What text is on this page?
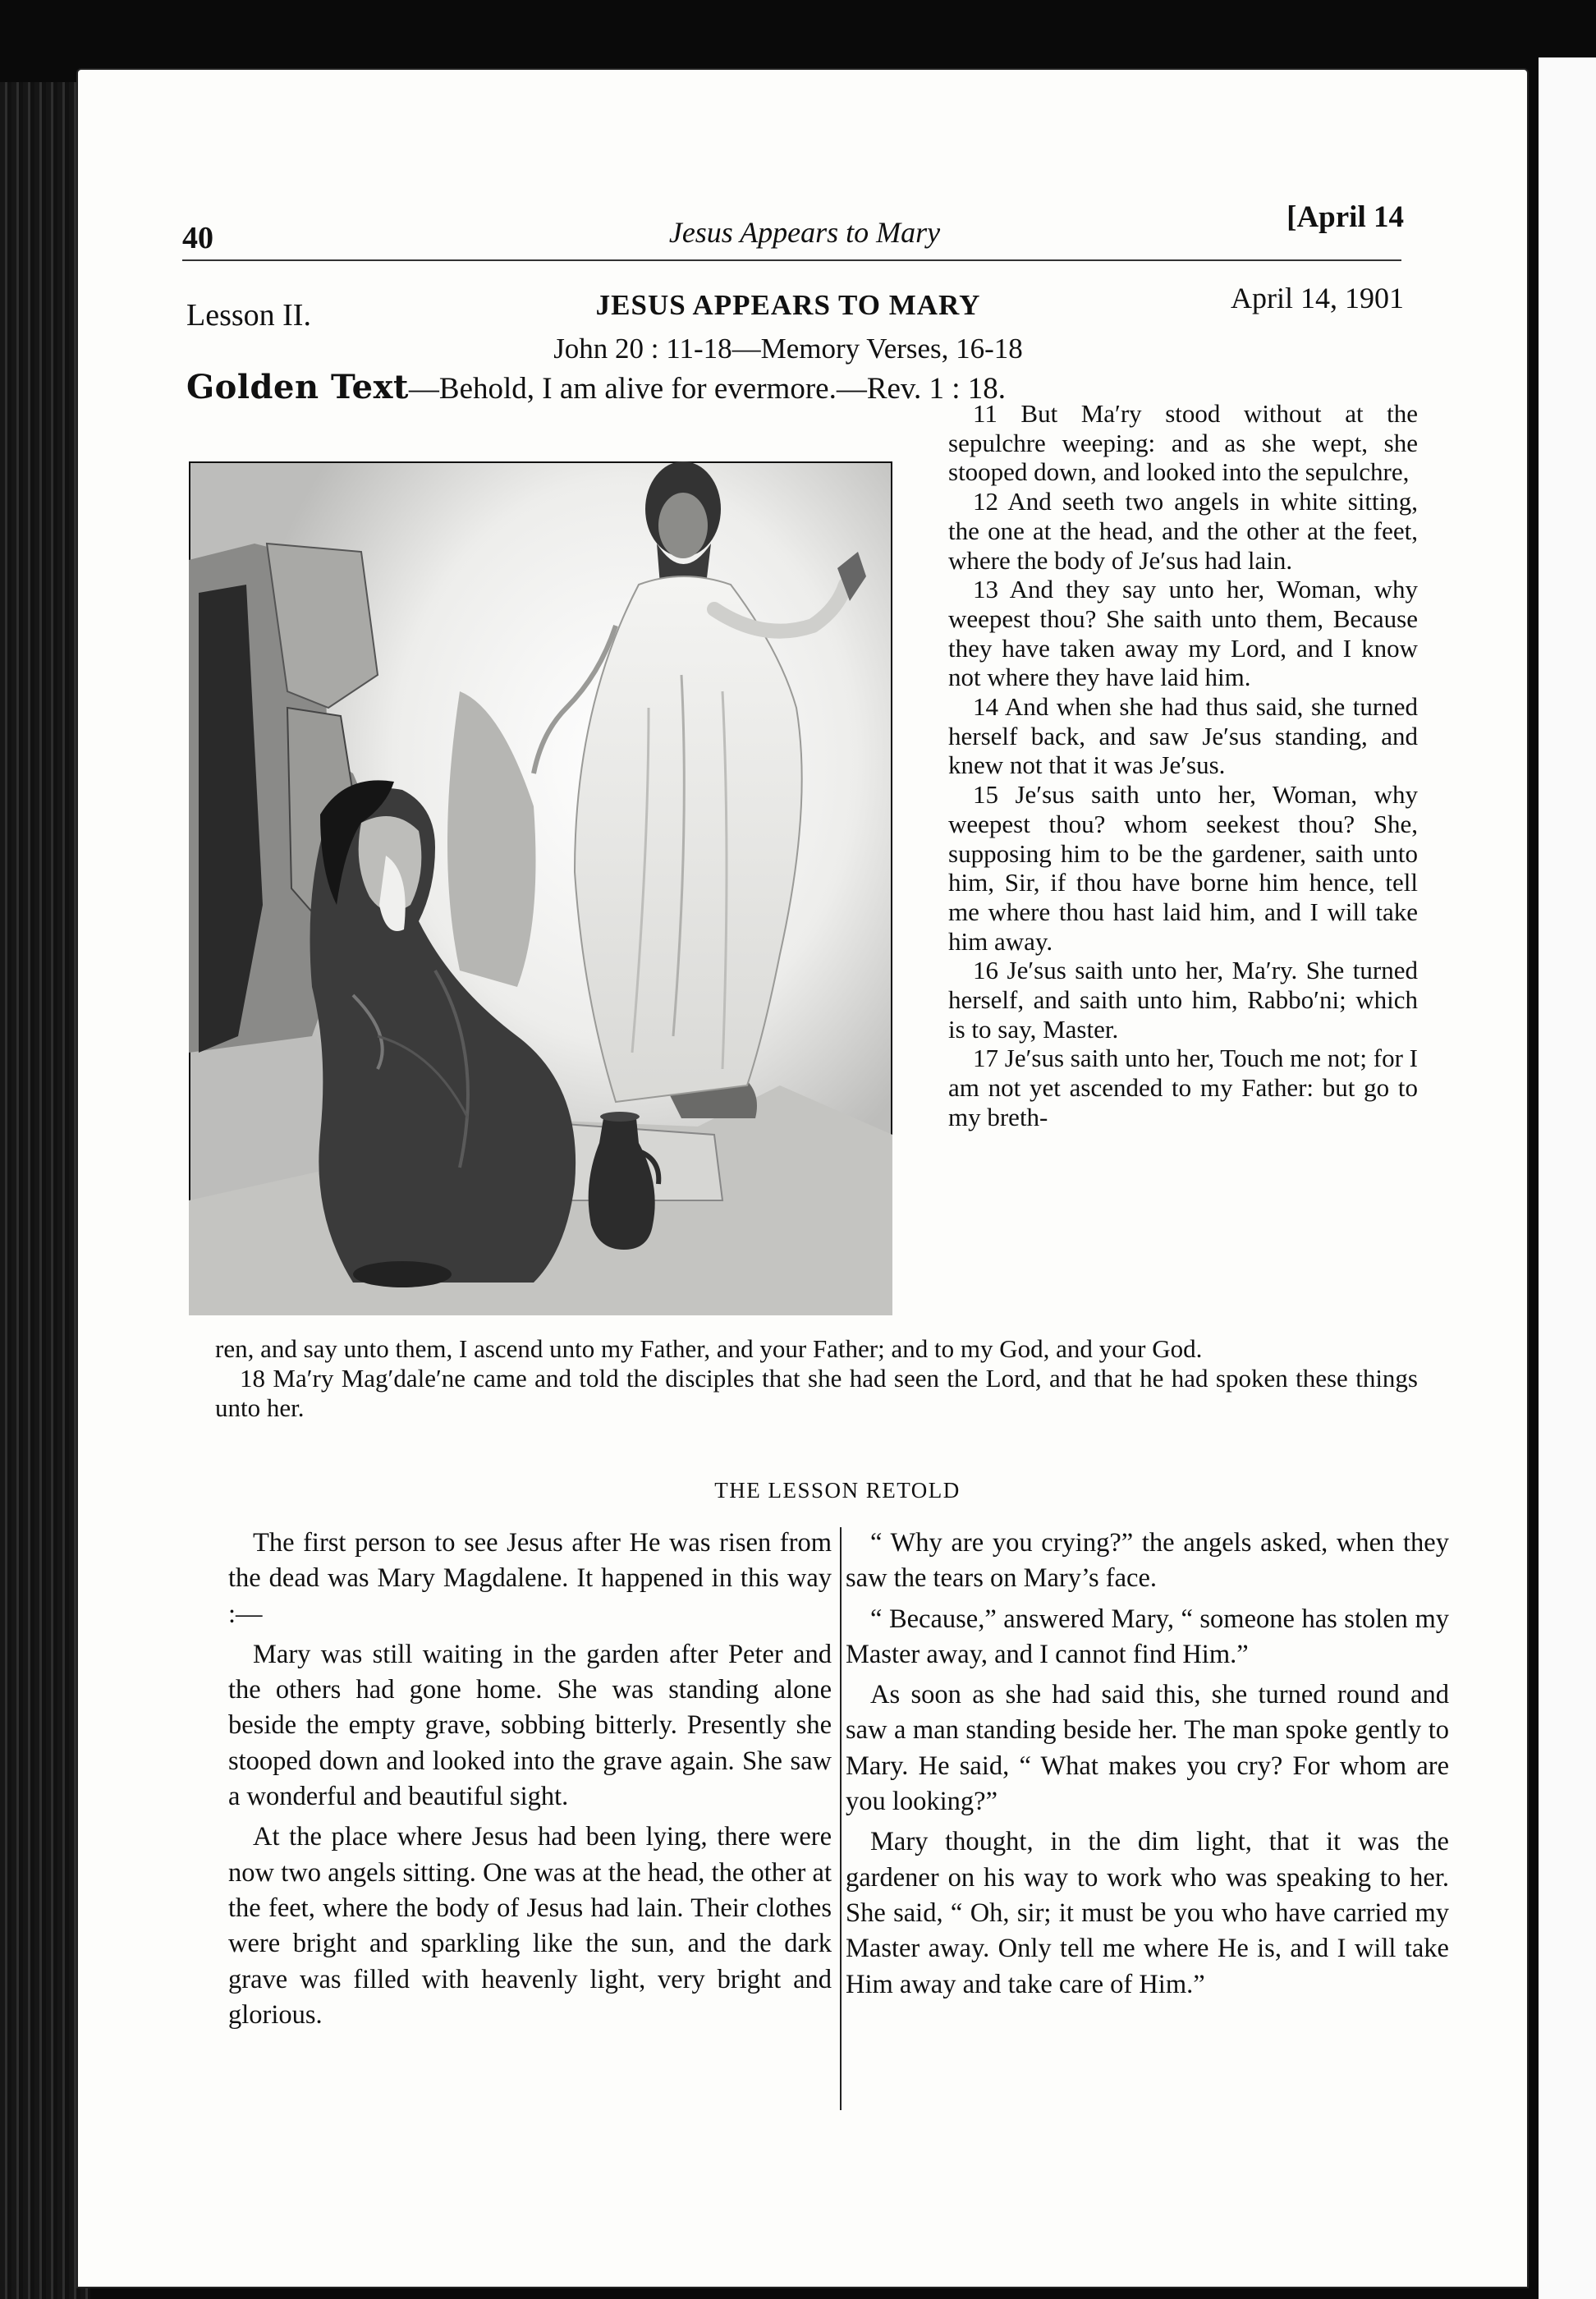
40	Jesus Appears to Mary	[April 14
Lesson II.	JESUS APPEARS TO MARY	April 14, 1901
John 20 : 11-18—Memory Verses, 16-18
Golden Text—Behold, I am alive for evermore.—Rev. 1 : 18.

11 But Ma′ry stood without at the sepulchre weeping: and as she wept, she stooped down, and looked into the sepulchre,

12 And seeth two angels in white sitting, the one at the head, and the other at the feet, where the body of Je′sus had lain.

13 And they say unto her, Woman, why weepest thou? She saith unto them, Because they have taken away my Lord, and I know not where they have laid him.

14 And when she had thus said, she turned herself back, and saw Je′sus standing, and knew not that it was Je′sus.

15 Je′sus saith unto her, Woman, why weepest thou? whom seekest thou? She, supposing him to be the gardener, saith unto him, Sir, if thou have borne him hence, tell me where thou hast laid him, and I will take him away.

16 Je′sus saith unto her, Ma′ry. She turned herself, and saith unto him, Rabbo′ni; which is to say, Master.

17 Je′sus saith unto her, Touch me not; for I am not yet ascended to my Father: but go to my breth-

ren, and say unto them, I ascend unto my Father, and your Father; and to my God, and your God.

18 Ma′ry Mag′dale′ne came and told the disciples that she had seen the Lord, and that he had spoken these things unto her.

THE LESSON RETOLD

The first person to see Jesus after He was risen from the dead was Mary Magdalene. It happened in this way :—

Mary was still waiting in the garden after Peter and the others had gone home. She was standing alone beside the empty grave, sobbing bitterly. Presently she stooped down and looked into the grave again. She saw a wonderful and beautiful sight.

At the place where Jesus had been lying, there were now two angels sitting. One was at the head, the other at the feet, where the body of Jesus had lain. Their clothes were bright and sparkling like the sun, and the dark grave was filled with heavenly light, very bright and glorious.

“ Why are you crying?” the angels asked, when they saw the tears on Mary’s face.

“ Because,” answered Mary, “ someone has stolen my Master away, and I cannot find Him.”

As soon as she had said this, she turned round and saw a man standing beside her. The man spoke gently to Mary. He said, “ What makes you cry? For whom are you looking?”

Mary thought, in the dim light, that it was the gardener on his way to work who was speaking to her. She said, “ Oh, sir; it must be you who have carried my Master away. Only tell me where He is, and I will take Him away and take care of Him.”
